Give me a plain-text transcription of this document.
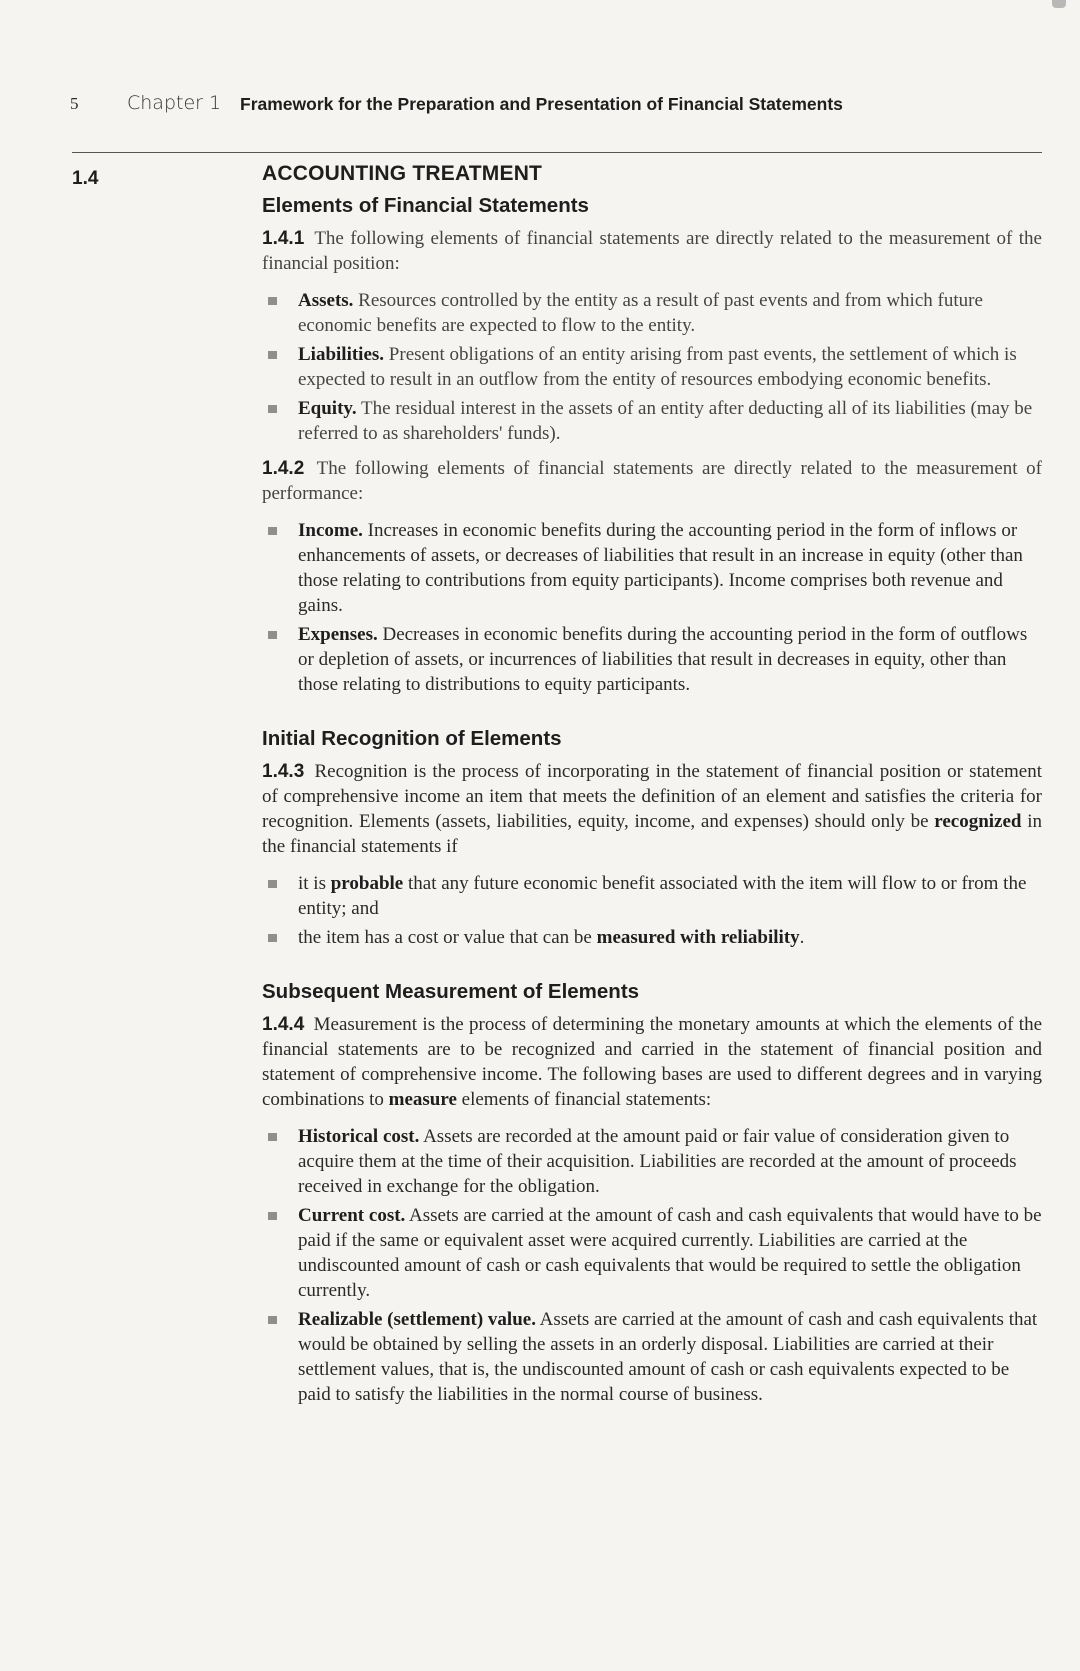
5	Chapter 1 Framework for the Preparation and Presentation of Financial Statements
1.4	ACCOUNTING TREATMENT
Elements of Financial Statements

1.4.1 The following elements of financial statements are directly related to the measurement of the financial position:

Assets. Resources controlled by the entity as a result of past events and from which future economic benefits are expected to flow to the entity.
Liabilities. Present obligations of an entity arising from past events, the settlement of which is expected to result in an outflow from the entity of resources embodying economic benefits.
Equity. The residual interest in the assets of an entity after deducting all of its liabilities (may be referred to as shareholders' funds).

1.4.2 The following elements of financial statements are directly related to the measurement of performance:

Income. Increases in economic benefits during the accounting period in the form of inflows or enhancements of assets, or decreases of liabilities that result in an increase in equity (other than those relating to contributions from equity participants). Income comprises both revenue and gains.
Expenses. Decreases in economic benefits during the accounting period in the form of outflows or depletion of assets, or incurrences of liabilities that result in decreases in equity, other than those relating to distributions to equity participants.
Initial Recognition of Elements

1.4.3 Recognition is the process of incorporating in the statement of financial position or statement of comprehensive income an item that meets the definition of an element and satisfies the criteria for recognition. Elements (assets, liabilities, equity, income, and expenses) should only be recognized in the financial statements if

it is probable that any future economic benefit associated with the item will flow to or from the entity; and
the item has a cost or value that can be measured with reliability.
Subsequent Measurement of Elements

1.4.4 Measurement is the process of determining the monetary amounts at which the elements of the financial statements are to be recognized and carried in the statement of financial position and statement of comprehensive income. The following bases are used to different degrees and in varying combinations to measure elements of financial statements:

Historical cost. Assets are recorded at the amount paid or fair value of consideration given to acquire them at the time of their acquisition. Liabilities are recorded at the amount of proceeds received in exchange for the obligation.
Current cost. Assets are carried at the amount of cash and cash equivalents that would have to be paid if the same or equivalent asset were acquired currently. Liabilities are carried at the undiscounted amount of cash or cash equivalents that would be required to settle the obligation currently.
Realizable (settlement) value. Assets are carried at the amount of cash and cash equivalents that would be obtained by selling the assets in an orderly disposal. Liabilities are carried at their settlement values, that is, the undiscounted amount of cash or cash equivalents expected to be paid to satisfy the liabilities in the normal course of business.
